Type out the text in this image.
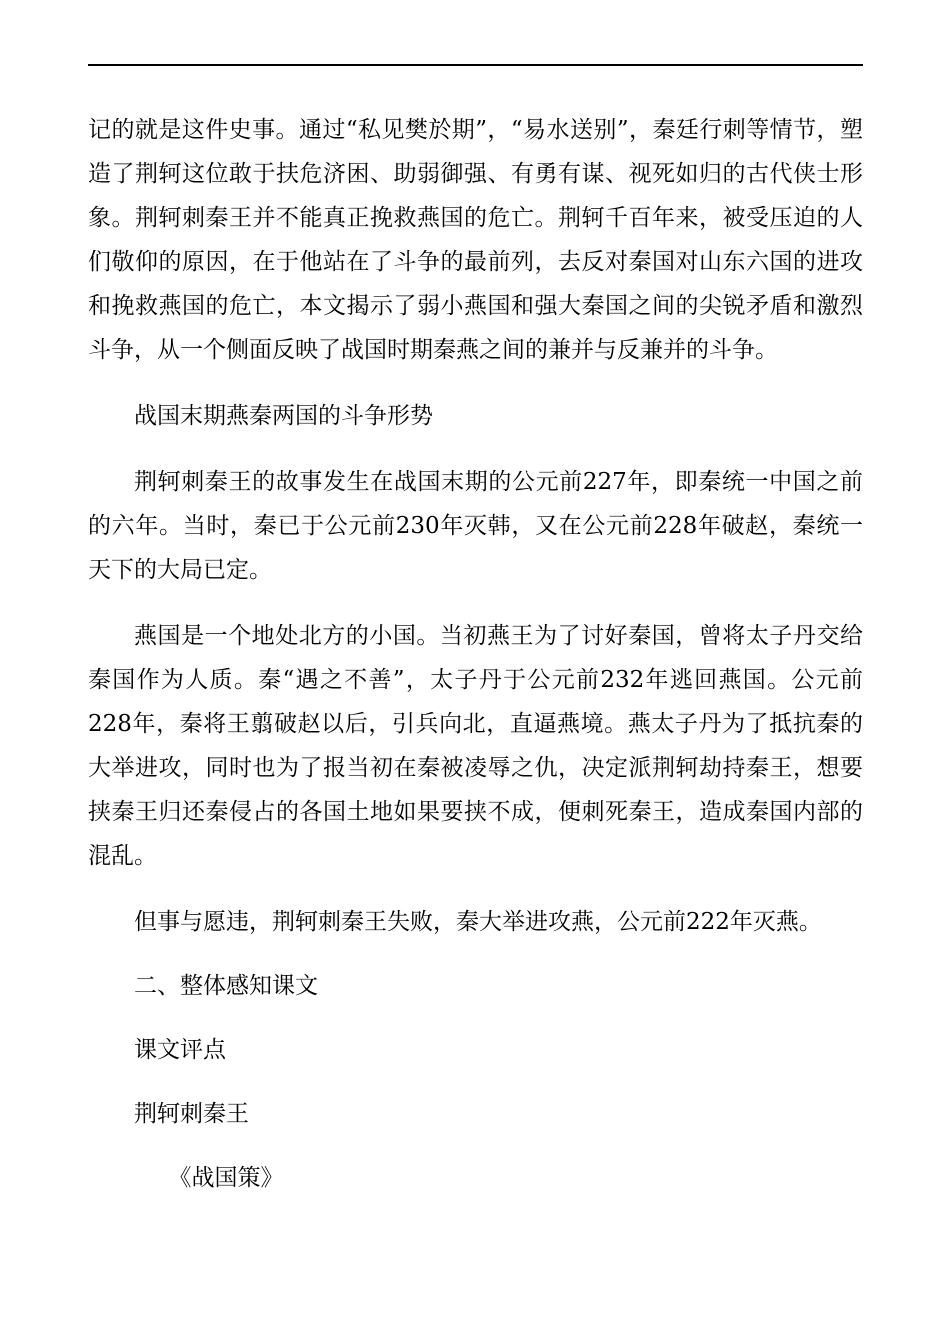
记的就是这件史事。通过“私见樊於期”，“易水送别”，秦廷行刺等情节，塑造了荆轲这位敢于扶危济困、助弱御强、有勇有谋、视死如归的古代侠士形象。荆轲刺秦王并不能真正挽救燕国的危亡。荆轲千百年来，被受压迫的人们敬仰的原因，在于他站在了斗争的最前列，去反对秦国对山东六国的进攻和挽救燕国的危亡，本文揭示了弱小燕国和强大秦国之间的尖锐矛盾和激烈斗争，从一个侧面反映了战国时期秦燕之间的兼并与反兼并的斗争。

战国末期燕秦两国的斗争形势

荆轲刺秦王的故事发生在战国末期的公元前227年，即秦统一中国之前的六年。当时，秦已于公元前230年灭韩，又在公元前228年破赵，秦统一天下的大局已定。

燕国是一个地处北方的小国。当初燕王为了讨好秦国，曾将太子丹交给秦国作为人质。秦“遇之不善”，太子丹于公元前232年逃回燕国。公元前228年，秦将王翦破赵以后，引兵向北，直逼燕境。燕太子丹为了抵抗秦的大举进攻，同时也为了报当初在秦被凌辱之仇，决定派荆轲劫持秦王，想要挟秦王归还秦侵占的各国土地如果要挟不成，便刺死秦王，造成秦国内部的混乱。

但事与愿违，荆轲刺秦王失败，秦大举进攻燕，公元前222年灭燕。

二、整体感知课文

课文评点

荆轲刺秦王

《战国策》
